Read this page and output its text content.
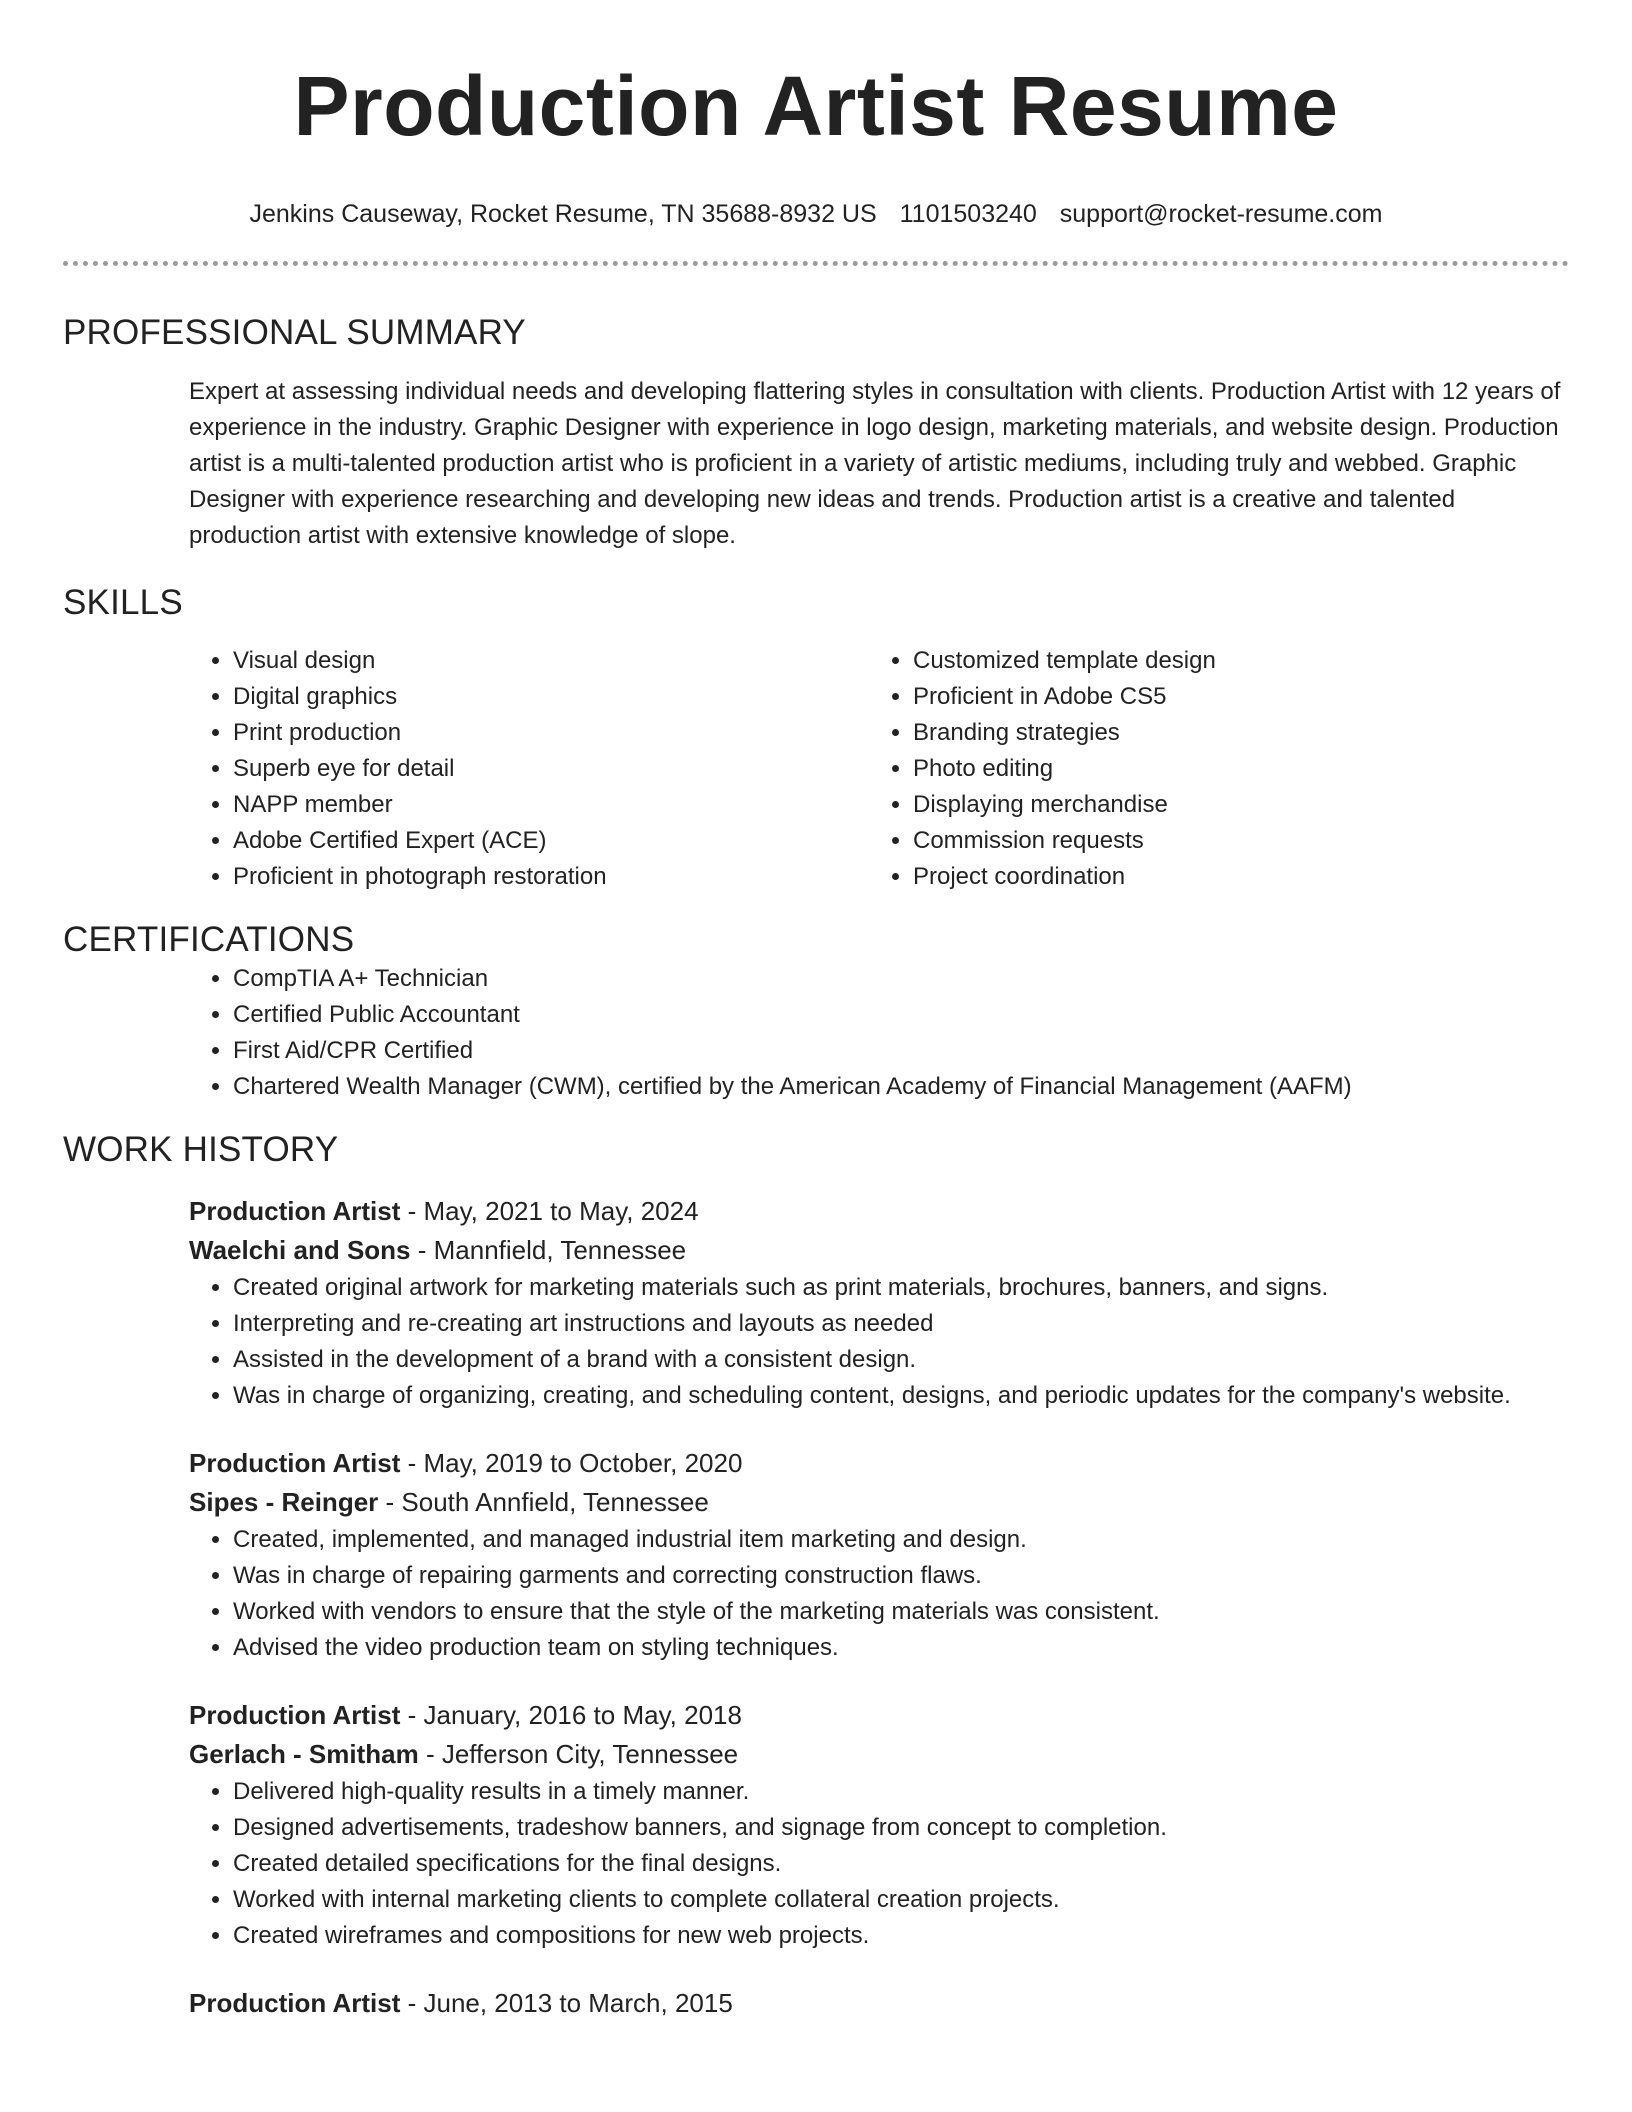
Production Artist Resume
Jenkins Causeway, Rocket Resume, TN 35688-8932 US 1101503240 support@rocket-resume.com
PROFESSIONAL SUMMARY

Expert at assessing individual needs and developing flattering styles in consultation with clients. Production Artist with 12 years of experience in the industry. Graphic Designer with experience in logo design, marketing materials, and website design. Production artist is a multi-talented production artist who is proficient in a variety of artistic mediums, including truly and webbed. Graphic Designer with experience researching and developing new ideas and trends. Production artist is a creative and talented production artist with extensive knowledge of slope.

SKILLS
• Visual design
• Digital graphics
• Print production
• Superb eye for detail
• NAPP member
• Adobe Certified Expert (ACE)
• Proficient in photograph restoration
• Customized template design
• Proficient in Adobe CS5
• Branding strategies
• Photo editing
• Displaying merchandise
• Commission requests
• Project coordination
CERTIFICATIONS
• CompTIA A+ Technician
• Certified Public Accountant
• First Aid/CPR Certified
• Chartered Wealth Manager (CWM), certified by the American Academy of Financial Management (AAFM)
WORK HISTORY
Production Artist - May, 2021 to May, 2024
Waelchi and Sons - Mannfield, Tennessee
• Created original artwork for marketing materials such as print materials, brochures, banners, and signs.
• Interpreting and re-creating art instructions and layouts as needed
• Assisted in the development of a brand with a consistent design.
• Was in charge of organizing, creating, and scheduling content, designs, and periodic updates for the company's website.
Production Artist - May, 2019 to October, 2020
Sipes - Reinger - South Annfield, Tennessee
• Created, implemented, and managed industrial item marketing and design.
• Was in charge of repairing garments and correcting construction flaws.
• Worked with vendors to ensure that the style of the marketing materials was consistent.
• Advised the video production team on styling techniques.
Production Artist - January, 2016 to May, 2018
Gerlach - Smitham - Jefferson City, Tennessee
• Delivered high-quality results in a timely manner.
• Designed advertisements, tradeshow banners, and signage from concept to completion.
• Created detailed specifications for the final designs.
• Worked with internal marketing clients to complete collateral creation projects.
• Created wireframes and compositions for new web projects.
Production Artist - June, 2013 to March, 2015
